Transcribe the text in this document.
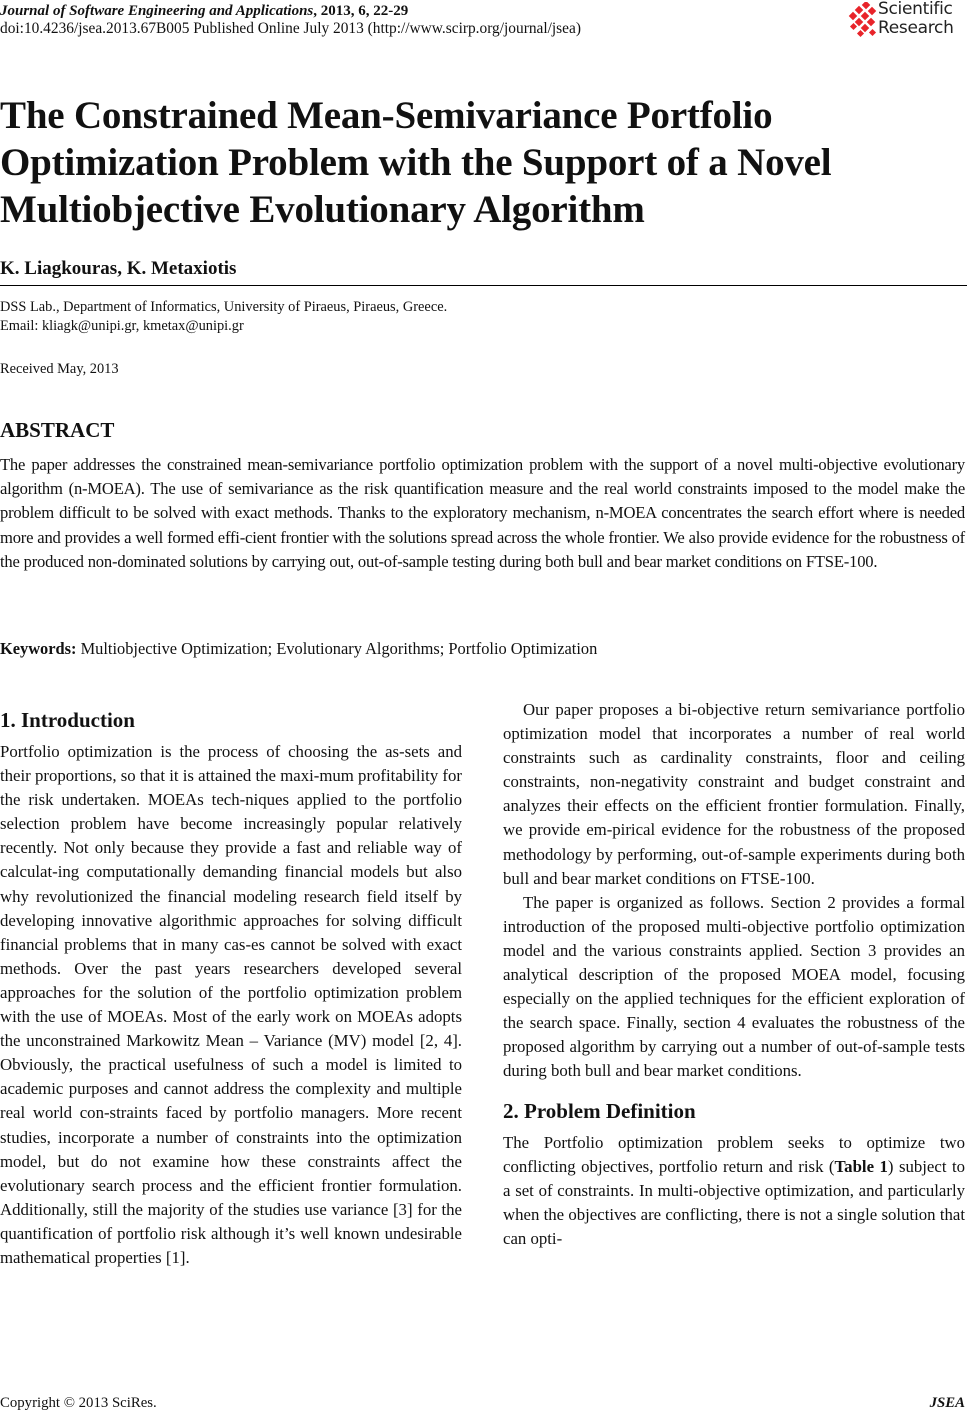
Journal of Software Engineering and Applications, 2013, 6, 22-29
doi:10.4236/jsea.2013.67B005 Published Online July 2013 (http://www.scirp.org/journal/jsea)
Scientific
Research
The Constrained Mean-Semivariance Portfolio Optimization Problem with the Support of a Novel Multiobjective Evolutionary Algorithm
K. Liagkouras, K. Metaxiotis
DSS Lab., Department of Informatics, University of Piraeus, Piraeus, Greece.
Email: kliagk@unipi.gr, kmetax@unipi.gr
Received May, 2013
ABSTRACT
The paper addresses the constrained mean-semivariance portfolio optimization problem with the support of a novel multi-objective evolutionary algorithm (n-MOEA). The use of semivariance as the risk quantification measure and the real world constraints imposed to the model make the problem difficult to be solved with exact methods. Thanks to the exploratory mechanism, n-MOEA concentrates the search effort where is needed more and provides a well formed effi-cient frontier with the solutions spread across the whole frontier. We also provide evidence for the robustness of the produced non-dominated solutions by carrying out, out-of-sample testing during both bull and bear market conditions on FTSE-100.
Keywords: Multiobjective Optimization; Evolutionary Algorithms; Portfolio Optimization
1. Introduction

Portfolio optimization is the process of choosing the as-sets and their proportions, so that it is attained the maxi-mum profitability for the risk undertaken. MOEAs tech-niques applied to the portfolio selection problem have become increasingly popular relatively recently. Not only because they provide a fast and reliable way of calculat-ing computationally demanding financial models but also why revolutionized the financial modeling research field itself by developing innovative algorithmic approaches for solving difficult financial problems that in many cas-es cannot be solved with exact methods. Over the past years researchers developed several approaches for the solution of the portfolio optimization problem with the use of MOEAs. Most of the early work on MOEAs adopts the unconstrained Markowitz Mean – Variance (MV) model [2, 4]. Obviously, the practical usefulness of such a model is limited to academic purposes and cannot address the complexity and multiple real world con-straints faced by portfolio managers. More recent studies, incorporate a number of constraints into the optimization model, but do not examine how these constraints affect the evolutionary search process and the efficient frontier formulation. Additionally, still the majority of the studies use variance [3] for the quantification of portfolio risk although it’s well known undesirable mathematical properties [1].

Our paper proposes a bi-objective return semivariance portfolio optimization model that incorporates a number of real world constraints such as cardinality constraints, floor and ceiling constraints, non-negativity constraint and budget constraint and analyzes their effects on the efficient frontier formulation. Finally, we provide em-pirical evidence for the robustness of the proposed methodology by performing, out-of-sample experiments during both bull and bear market conditions on FTSE-100.

The paper is organized as follows. Section 2 provides a formal introduction of the proposed multi-objective portfolio optimization model and the various constraints applied. Section 3 provides an analytical description of the proposed MOEA model, focusing especially on the applied techniques for the efficient exploration of the search space. Finally, section 4 evaluates the robustness of the proposed algorithm by carrying out a number of out-of-sample tests during both bull and bear market conditions.

2. Problem Definition

The Portfolio optimization problem seeks to optimize two conflicting objectives, portfolio return and risk (Table 1) subject to a set of constraints. In multi-objective optimization, and particularly when the objectives are conflicting, there is not a single solution that can opti-

Copyright © 2013 SciRes.	JSEA
